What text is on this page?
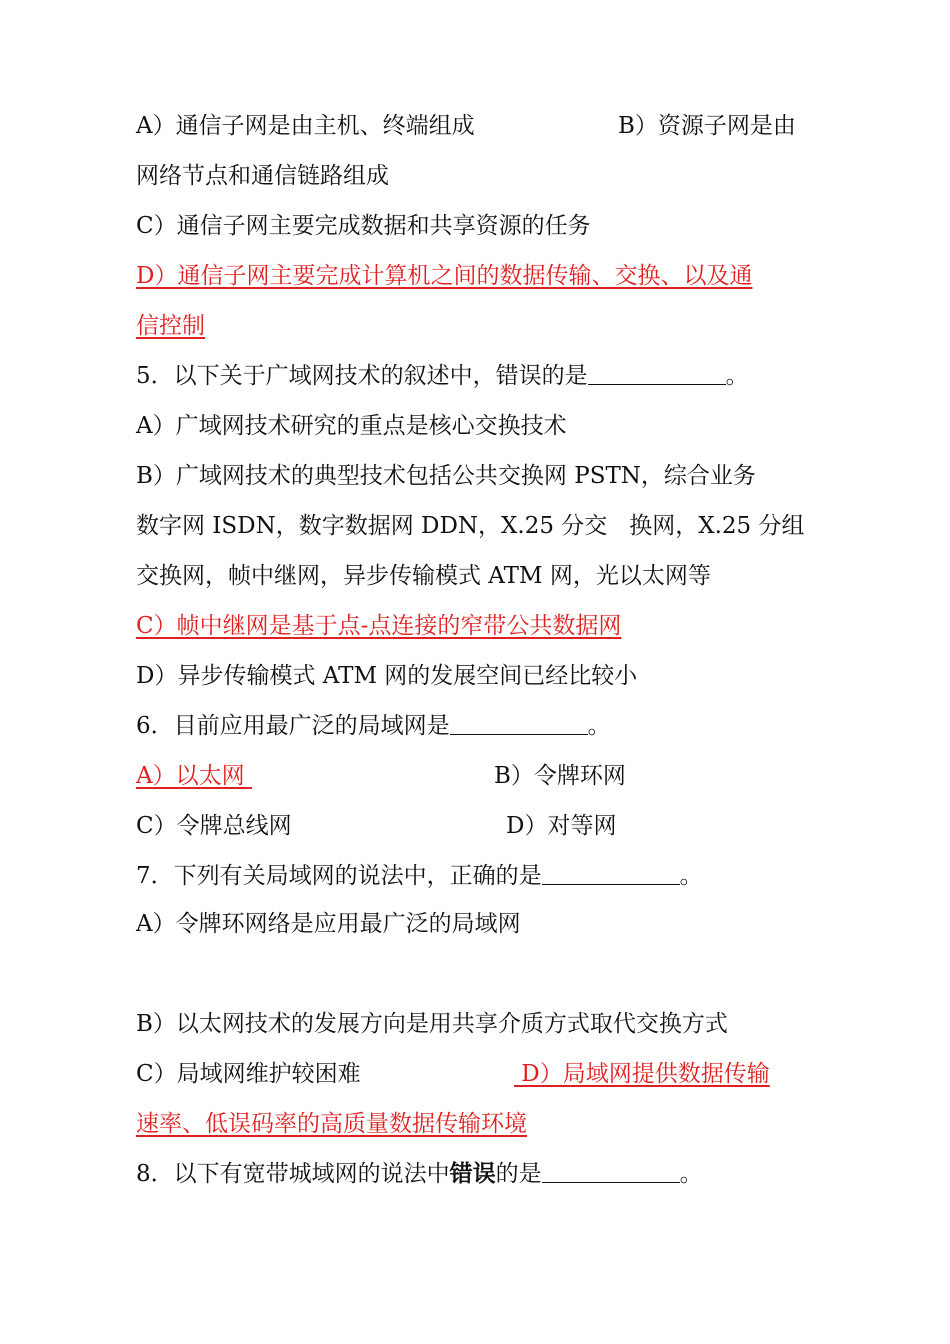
A）通信子网是由主机、终端组成	B）资源子网是由
网络节点和通信链路组成
C）通信子网主要完成数据和共享资源的任务
D）通信子网主要完成计算机之间的数据传输、交换、以及通
信控制
5．以下关于广域网技术的叙述中，错误的是	。
A）广域网技术研究的重点是核心交换技术
B）广域网技术的典型技术包括公共交换网 PSTN，综合业务
数字网 ISDN，数字数据网 DDN，X.25 分交   换网，X.25 分组
交换网，帧中继网，异步传输模式 ATM 网，光以太网等
C）帧中继网是基于点-点连接的窄带公共数据网
D）异步传输模式 ATM 网的发展空间已经比较小
6．目前应用最广泛的局域网是	。
A）以太网	B）令牌环网
C）令牌总线网	D）对等网
7．下列有关局域网的说法中，正确的是	。
A）令牌环网络是应用最广泛的局域网
B）以太网技术的发展方向是用共享介质方式取代交换方式
C）局域网维护较困难	D）局域网提供数据传输
速率、低误码率的高质量数据传输环境
8．以下有宽带城域网的说法中错误的是	。
